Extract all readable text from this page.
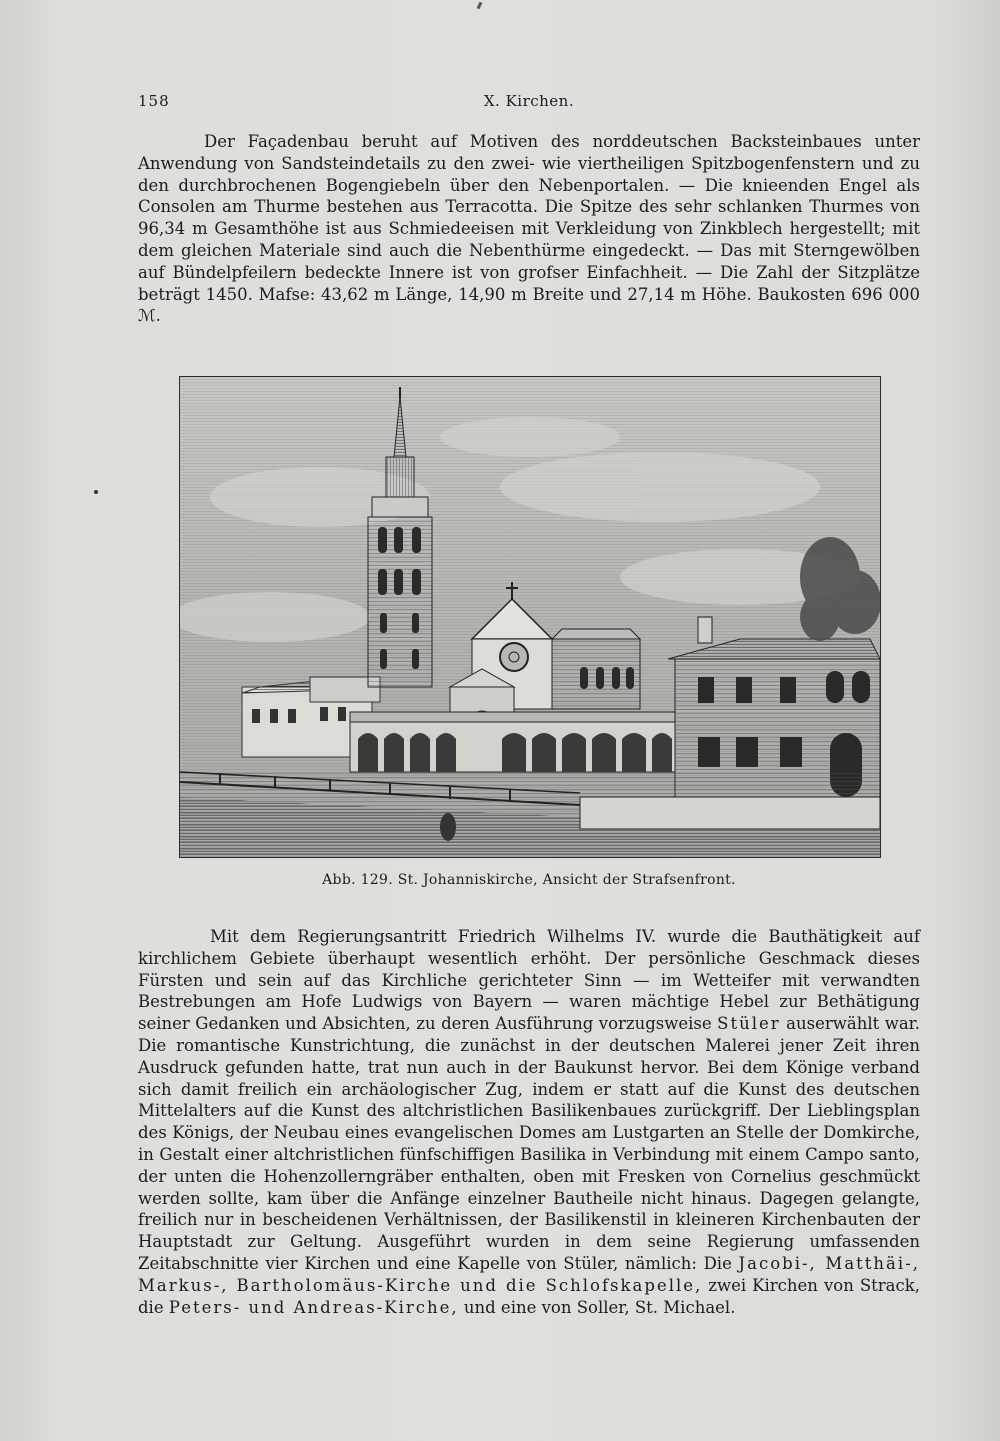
158	X. Kirchen.

Der Façadenbau beruht auf Motiven des norddeutschen Backsteinbaues unter Anwendung von Sandsteindetails zu den zwei- wie viertheiligen Spitzbogenfenstern und zu den durchbrochenen Bogengiebeln über den Nebenportalen. — Die knieenden Engel als Consolen am Thurme bestehen aus Terracotta. Die Spitze des sehr schlanken Thurmes von 96,34 m Gesamthöhe ist aus Schmiedeeisen mit Verkleidung von Zinkblech hergestellt; mit dem gleichen Materiale sind auch die Nebenthürme eingedeckt. — Das mit Sterngewölben auf Bündelpfeilern bedeckte Innere ist von grofser Einfachheit. — Die Zahl der Sitzplätze beträgt 1450. Mafse: 43,62 m Länge, 14,90 m Breite und 27,14 m Höhe. Baukosten 696 000 ℳ.

Abb. 129. St. Johanniskirche, Ansicht der Strafsenfront.

Mit dem Regierungsantritt Friedrich Wilhelms IV. wurde die Bauthätigkeit auf kirchlichem Gebiete überhaupt wesentlich erhöht. Der persönliche Geschmack dieses Fürsten und sein auf das Kirchliche gerichteter Sinn — im Wetteifer mit verwandten Bestrebungen am Hofe Ludwigs von Bayern — waren mächtige Hebel zur Bethätigung seiner Gedanken und Absichten, zu deren Ausführung vorzugsweise Stüler auserwählt war. Die romantische Kunstrichtung, die zunächst in der deutschen Malerei jener Zeit ihren Ausdruck gefunden hatte, trat nun auch in der Baukunst hervor. Bei dem Könige verband sich damit freilich ein archäologischer Zug, indem er statt auf die Kunst des deutschen Mittelalters auf die Kunst des altchristlichen Basilikenbaues zurückgriff. Der Lieblingsplan des Königs, der Neubau eines evangelischen Domes am Lustgarten an Stelle der Domkirche, in Gestalt einer altchristlichen fünfschiffigen Basilika in Verbindung mit einem Campo santo, der unten die Hohenzollerngräber enthalten, oben mit Fresken von Cornelius geschmückt werden sollte, kam über die Anfänge einzelner Bautheile nicht hinaus. Dagegen gelangte, freilich nur in bescheidenen Verhältnissen, der Basilikenstil in kleineren Kirchenbauten der Hauptstadt zur Geltung. Ausgeführt wurden in dem seine Regierung umfassenden Zeitabschnitte vier Kirchen und eine Kapelle von Stüler, nämlich: Die Jacobi-, Matthäi-, Markus-, Bartholomäus-Kirche und die Schlofskapelle, zwei Kirchen von Strack, die Peters- und Andreas-Kirche, und eine von Soller, St. Michael.
